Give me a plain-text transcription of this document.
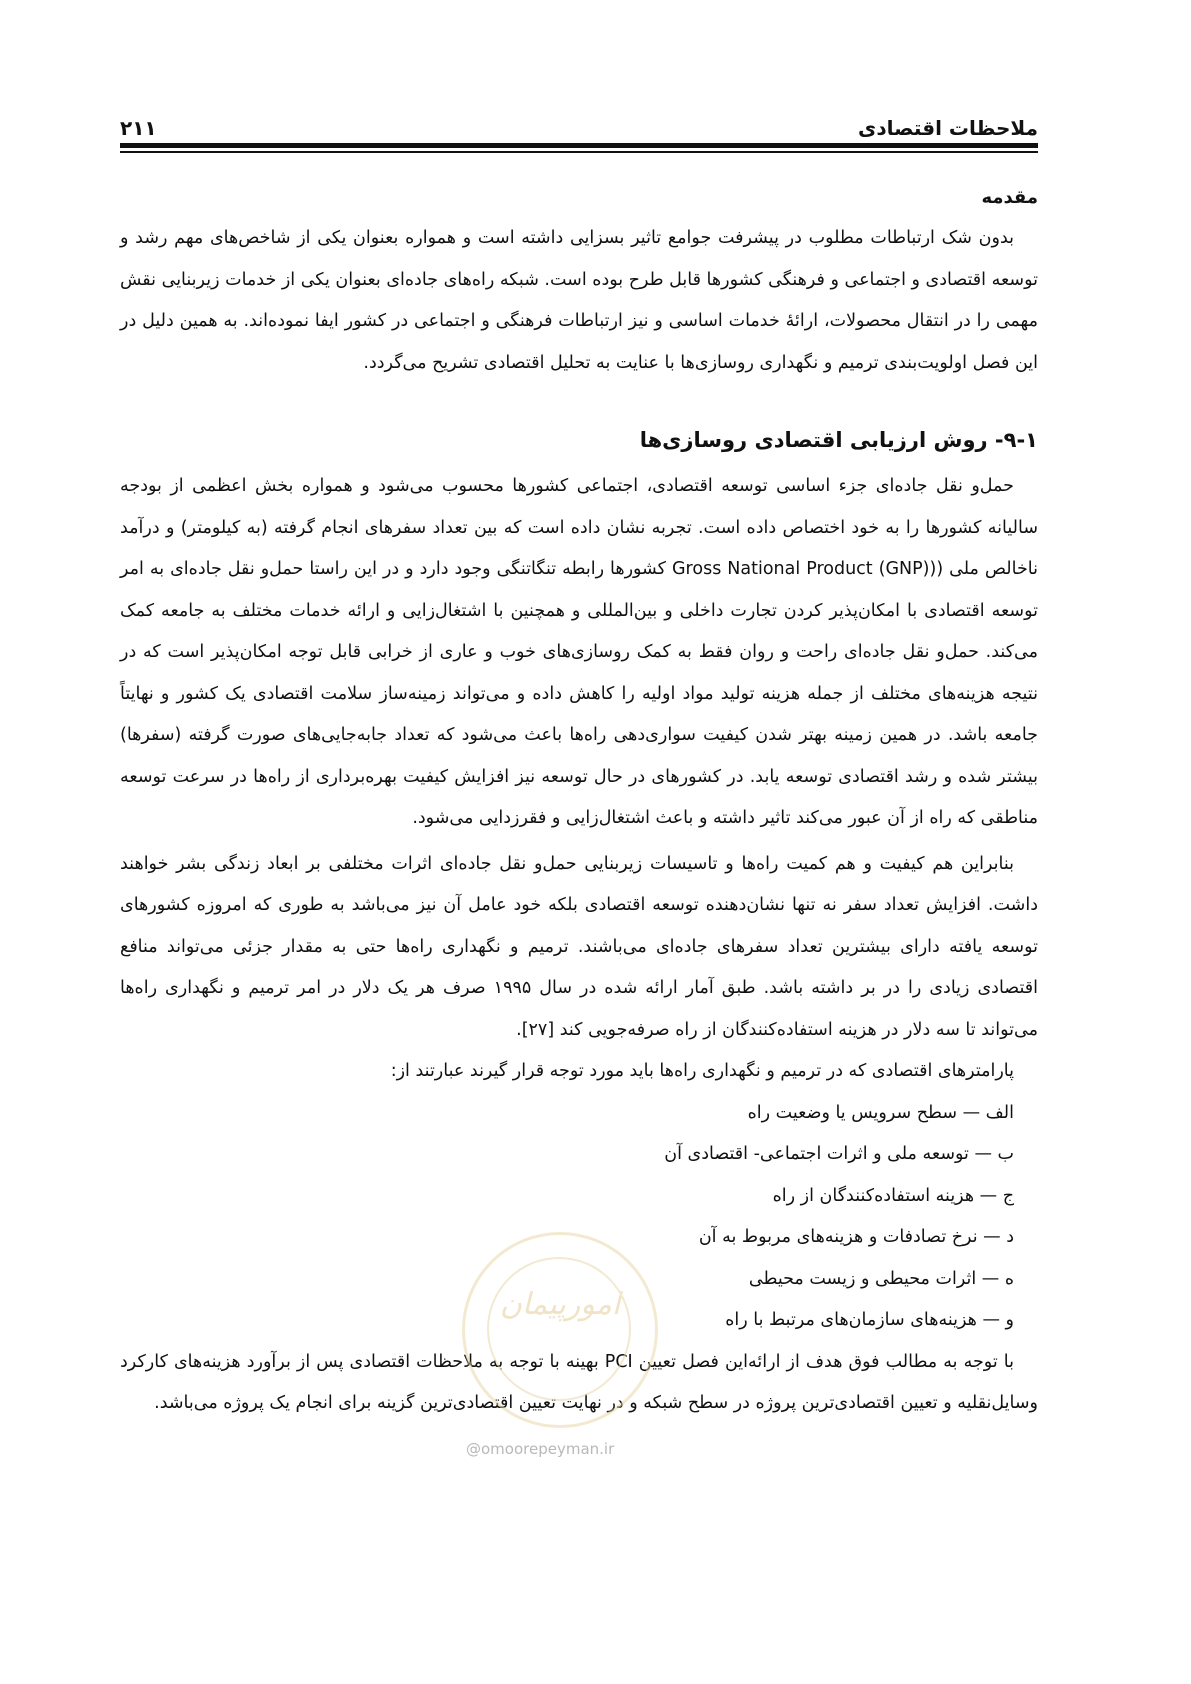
ملاحظات اقتصادی
۲۱۱
مقدمه

بدون شک ارتباطات مطلوب در پیشرفت جوامع تاثیر بسزایی داشته است و همواره بعنوان یکی از شاخص‌های مهم رشد و توسعه اقتصادی و اجتماعی و فرهنگی کشورها قابل طرح بوده است. شبکه راه‌های جاده‌ای بعنوان یکی از خدمات زیربنایی نقش مهمی را در انتقال محصولات، ارائهٔ خدمات اساسی و نیز ارتباطات فرهنگی و اجتماعی در کشور ایفا نموده‌اند. به همین دلیل در این فصل اولویت‌بندی ترمیم و نگهداری روسازی‌ها با عنایت به تحلیل اقتصادی تشریح می‌گردد.

۹-۱- روش ارزیابی اقتصادی روسازی‌ها

حمل‌و نقل جاده‌ای جزء اساسی توسعه اقتصادی، اجتماعی کشورها محسوب می‌شود و همواره بخش اعظمی از بودجه سالیانه کشورها را به خود اختصاص داده است. تجربه نشان داده است که بین تعداد سفرهای انجام گرفته (به کیلومتر) و درآمد ناخالص ملی ((Gross National Product (GNP) کشورها رابطه تنگاتنگی وجود دارد و در این راستا حمل‌و نقل جاده‌ای به امر توسعه اقتصادی با امکان‌پذیر کردن تجارت داخلی و بین‌المللی و همچنین با اشتغال‌زایی و ارائه خدمات مختلف به جامعه کمک می‌کند. حمل‌و نقل جاده‌ای راحت و روان فقط به کمک روسازی‌های خوب و عاری از خرابی قابل توجه امکان‌پذیر است که در نتیجه هزینه‌های مختلف از جمله هزینه تولید مواد اولیه را کاهش داده و می‌تواند زمینه‌ساز سلامت اقتصادی یک کشور و نهایتاً جامعه باشد. در همین زمینه بهتر شدن کیفیت سواری‌دهی راه‌ها باعث می‌شود که تعداد جابه‌جایی‌های صورت گرفته (سفرها) بیشتر شده و رشد اقتصادی توسعه یابد. در کشورهای در حال توسعه نیز افزایش کیفیت بهره‌برداری از راه‌ها در سرعت توسعه مناطقی که راه از آن عبور می‌کند تاثیر داشته و باعث اشتغال‌زایی و فقرزدایی می‌شود.

بنابراین هم کیفیت و هم کمیت راه‌ها و تاسیسات زیربنایی حمل‌و نقل جاده‌ای اثرات مختلفی بر ابعاد زندگی بشر خواهند داشت. افزایش تعداد سفر نه تنها نشان‌دهنده توسعه اقتصادی بلکه خود عامل آن نیز می‌باشد به طوری که امروزه کشورهای توسعه یافته دارای بیشترین تعداد سفرهای جاده‌ای می‌باشند. ترمیم و نگهداری راه‌ها حتی به مقدار جزئی می‌تواند منافع اقتصادی زیادی را در بر داشته باشد. طبق آمار ارائه شده در سال ۱۹۹۵ صرف هر یک دلار در امر ترمیم و نگهداری راه‌ها می‌تواند تا سه دلار در هزینه استفاده‌کنندگان از راه صرفه‌جویی کند [۲۷].

پارامترهای اقتصادی که در ترمیم و نگهداری راه‌ها باید مورد توجه قرار گیرند عبارتند از:

الف — سطح سرویس یا وضعیت راه
ب — توسعه ملی و اثرات اجتماعی- اقتصادی آن
ج — هزینه استفاده‌کنندگان از راه
د — نرخ تصادفات و هزینه‌های مربوط به آن
ه — اثرات محیطی و زیست محیطی
و — هزینه‌های سازمان‌های مرتبط با راه

با توجه به مطالب فوق هدف از ارائه‌این فصل تعیین PCI بهینه با توجه به ملاحظات اقتصادی پس از برآورد هزینه‌های کارکرد وسایل‌نقلیه و تعیین اقتصادی‌ترین پروژه در سطح شبکه و در نهایت تعیین اقتصادی‌ترین گزینه برای انجام یک پروژه می‌باشد.

امورپیمان
@omoorepeyman.ir
